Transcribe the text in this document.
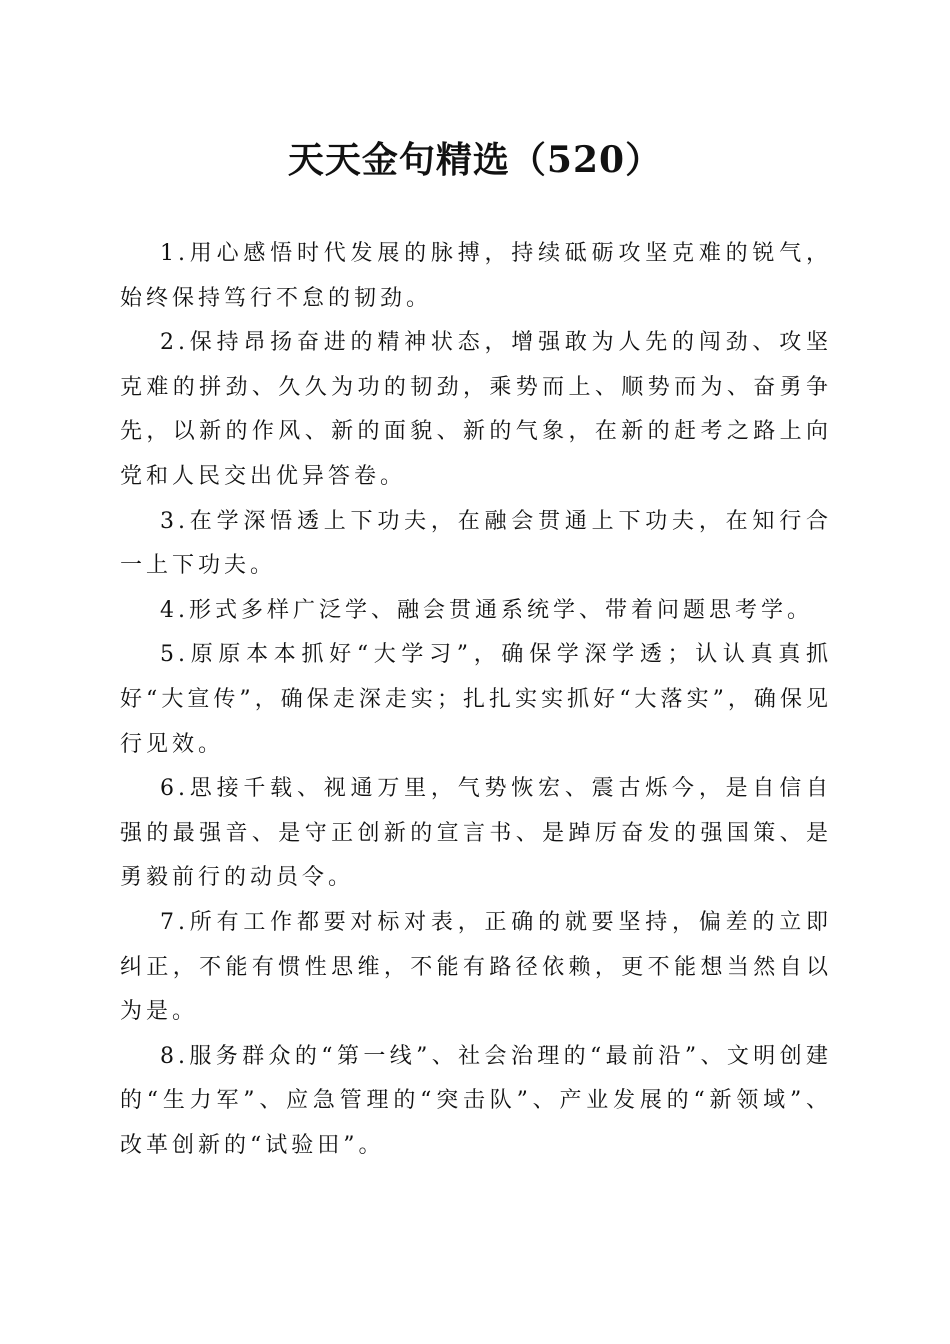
天天金句精选（520）

1.用心感悟时代发展的脉搏，持续砥砺攻坚克难的锐气，始终保持笃行不怠的韧劲。

2.保持昂扬奋进的精神状态，增强敢为人先的闯劲、攻坚克难的拼劲、久久为功的韧劲，乘势而上、顺势而为、奋勇争先，以新的作风、新的面貌、新的气象，在新的赶考之路上向党和人民交出优异答卷。

3.在学深悟透上下功夫，在融会贯通上下功夫，在知行合一上下功夫。

4.形式多样广泛学、融会贯通系统学、带着问题思考学。

5.原原本本抓好“大学习”，确保学深学透；认认真真抓好“大宣传”，确保走深走实；扎扎实实抓好“大落实”，确保见行见效。

6.思接千载、视通万里，气势恢宏、震古烁今，是自信自强的最强音、是守正创新的宣言书、是踔厉奋发的强国策、是勇毅前行的动员令。

7.所有工作都要对标对表，正确的就要坚持，偏差的立即纠正，不能有惯性思维，不能有路径依赖，更不能想当然自以为是。

8.服务群众的“第一线”、社会治理的“最前沿”、文明创建的“生力军”、应急管理的“突击队”、产业发展的“新领域”、改革创新的“试验田”。
